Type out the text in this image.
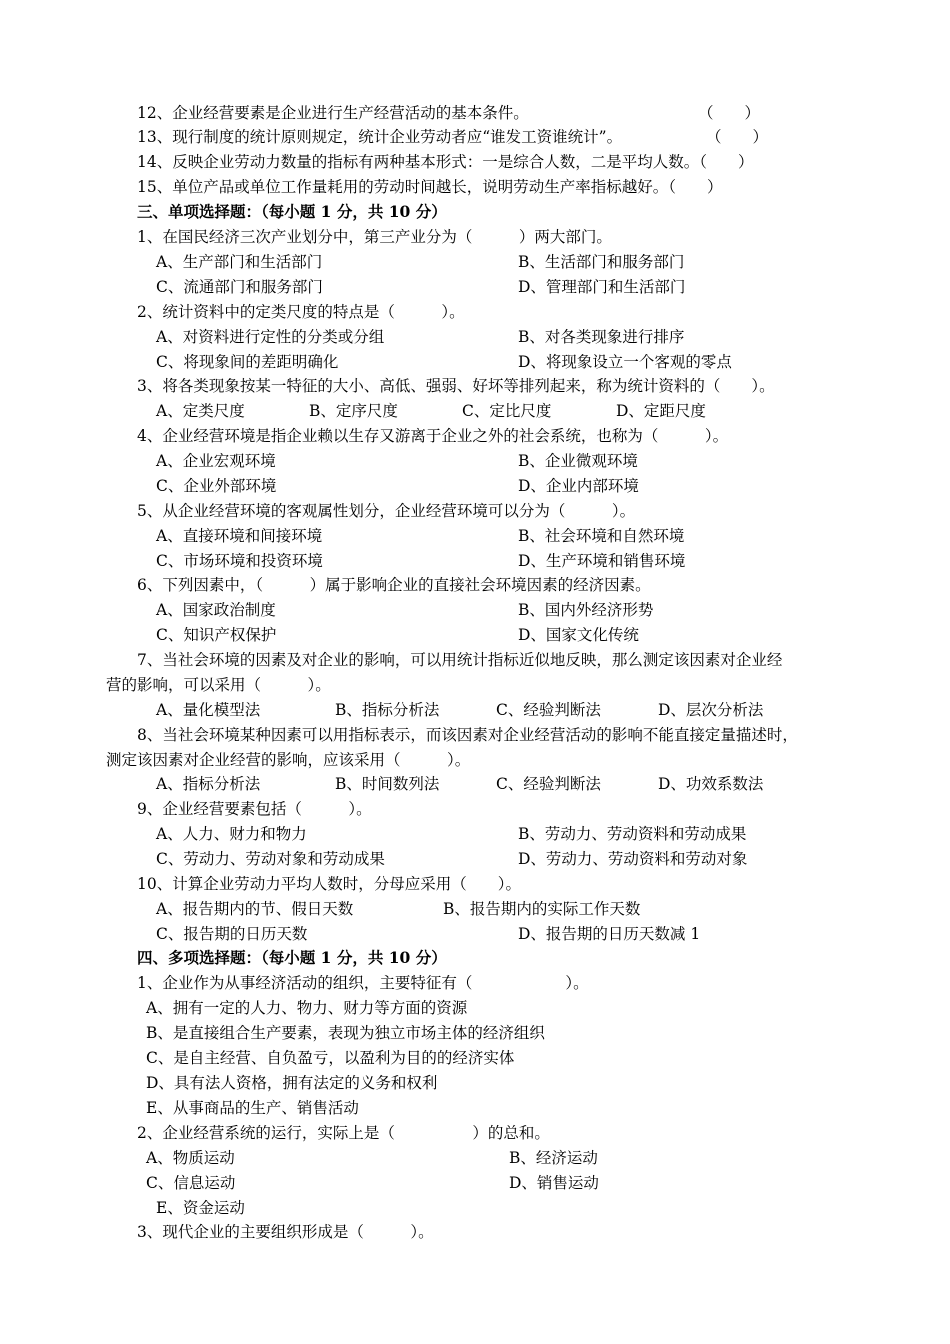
12、企业经营要素是企业进行生产经营活动的基本条件。	（　　）
13、现行制度的统计原则规定，统计企业劳动者应“谁发工资谁统计”。	（　　）
14、反映企业劳动力数量的指标有两种基本形式：一是综合人数，二是平均人数。（　　）
15、单位产品或单位工作量耗用的劳动时间越长，说明劳动生产率指标越好。（　　）
三、单项选择题：（每小题 1 分，共 10 分）
1、在国民经济三次产业划分中，第三产业分为（　　　）两大部门。
A、生产部门和生活部门	B、生活部门和服务部门
C、流通部门和服务部门	D、管理部门和生活部门
2、统计资料中的定类尺度的特点是（　　　）。
A、对资料进行定性的分类或分组	B、对各类现象进行排序
C、将现象间的差距明确化	D、将现象设立一个客观的零点
3、将各类现象按某一特征的大小、高低、强弱、好坏等排列起来，称为统计资料的（　　）。
A、定类尺度	B、定序尺度	C、定比尺度	D、定距尺度
4、企业经营环境是指企业赖以生存又游离于企业之外的社会系统，也称为（　　　）。
A、企业宏观环境	B、企业微观环境
C、企业外部环境	D、企业内部环境
5、从企业经营环境的客观属性划分，企业经营环境可以分为（　　　）。
A、直接环境和间接环境	B、社会环境和自然环境
C、市场环境和投资环境	D、生产环境和销售环境
6、下列因素中，（　　　）属于影响企业的直接社会环境因素的经济因素。
A、国家政治制度	B、国内外经济形势
C、知识产权保护	D、国家文化传统
7、当社会环境的因素及对企业的影响，可以用统计指标近似地反映，那么测定该因素对企业经
营的影响，可以采用（　　　）。
A、量化模型法	B、指标分析法	C、经验判断法	D、层次分析法
8、当社会环境某种因素可以用指标表示，而该因素对企业经营活动的影响不能直接定量描述时，
测定该因素对企业经营的影响，应该采用（　　　）。
A、指标分析法	B、时间数列法	C、经验判断法	D、功效系数法
9、企业经营要素包括（　　　）。
A、人力、财力和物力	B、劳动力、劳动资料和劳动成果
C、劳动力、劳动对象和劳动成果	D、劳动力、劳动资料和劳动对象
10、计算企业劳动力平均人数时，分母应采用（　　）。
A、报告期内的节、假日天数	B、报告期内的实际工作天数
C、报告期的日历天数	D、报告期的日历天数减 1
四、多项选择题：（每小题 1 分，共 10 分）
1、企业作为从事经济活动的组织，主要特征有（　　　　　　）。
A、拥有一定的人力、物力、财力等方面的资源
B、是直接组合生产要素，表现为独立市场主体的经济组织
C、是自主经营、自负盈亏，以盈利为目的的经济实体
D、具有法人资格，拥有法定的义务和权利
E、从事商品的生产、销售活动
2、企业经营系统的运行，实际上是（　　　　　）的总和。
A、物质运动	B、经济运动
C、信息运动	D、销售运动
E、资金运动
3、现代企业的主要组织形成是（　　　）。
